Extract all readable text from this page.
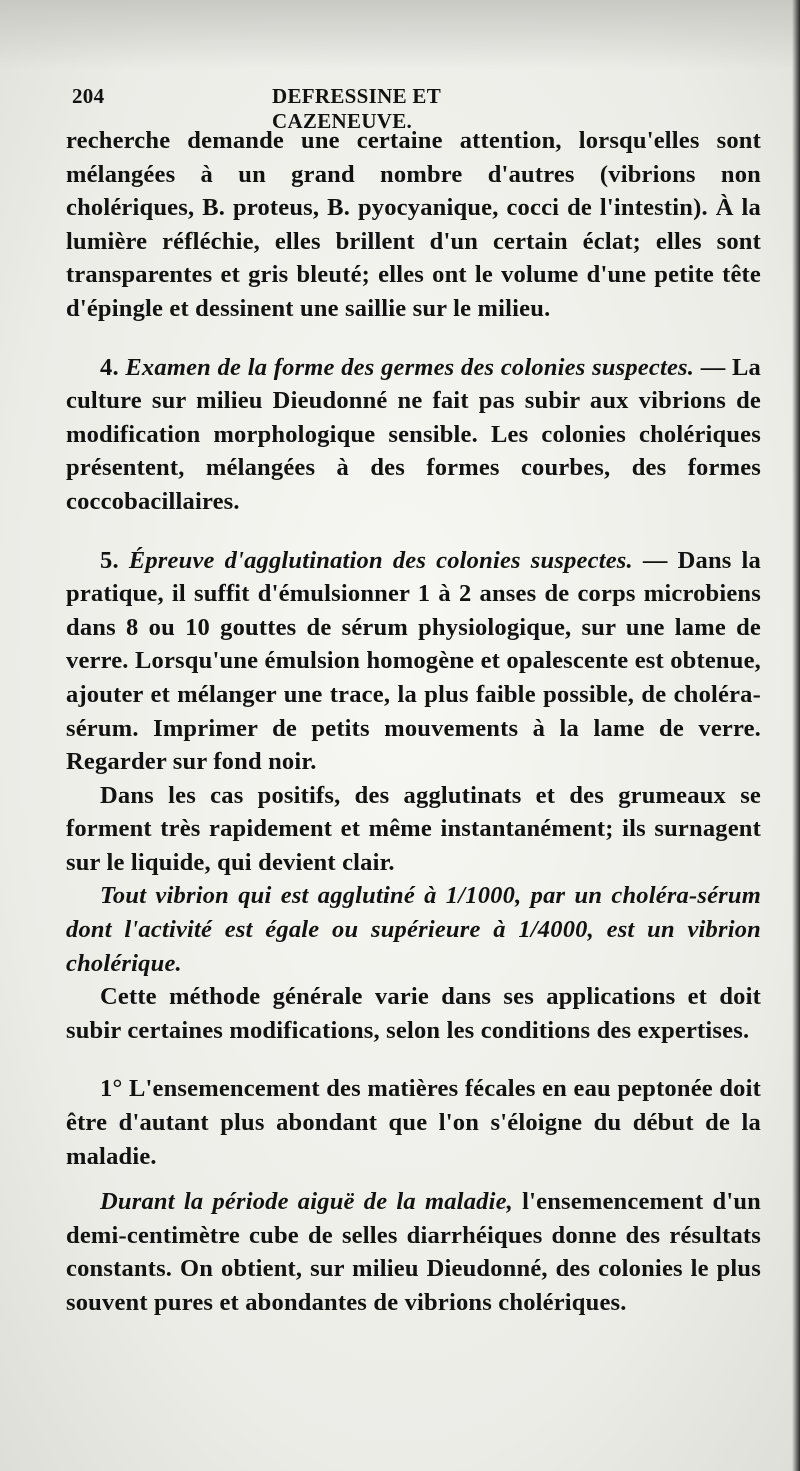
204	DEFRESSINE ET CAZENEUVE.

recherche demande une certaine attention, lorsqu'elles sont mélangées à un grand nombre d'autres (vibrions non cholériques, B. proteus, B. pyocyanique, cocci de l'intestin). À la lumière réfléchie, elles brillent d'un certain éclat; elles sont transparentes et gris bleuté; elles ont le volume d'une petite tête d'épingle et dessinent une saillie sur le milieu.

4. Examen de la forme des germes des colonies suspectes. — La culture sur milieu Dieudonné ne fait pas subir aux vibrions de modification morphologique sensible. Les colonies cholériques présentent, mélangées à des formes courbes, des formes coccobacillaires.

5. Épreuve d'agglutination des colonies suspectes. — Dans la pratique, il suffit d'émulsionner 1 à 2 anses de corps microbiens dans 8 ou 10 gouttes de sérum physiologique, sur une lame de verre. Lorsqu'une émulsion homogène et opalescente est obtenue, ajouter et mélanger une trace, la plus faible possible, de choléra-sérum. Imprimer de petits mouvements à la lame de verre. Regarder sur fond noir.

Dans les cas positifs, des agglutinats et des grumeaux se forment très rapidement et même instantanément; ils surnagent sur le liquide, qui devient clair.

Tout vibrion qui est agglutiné à 1/1000, par un choléra-sérum dont l'activité est égale ou supérieure à 1/4000, est un vibrion cholérique.

Cette méthode générale varie dans ses applications et doit subir certaines modifications, selon les conditions des expertises.

1° L'ensemencement des matières fécales en eau peptonée doit être d'autant plus abondant que l'on s'éloigne du début de la maladie.

Durant la période aiguë de la maladie, l'ensemencement d'un demi-centimètre cube de selles diarrhéiques donne des résultats constants. On obtient, sur milieu Dieudonné, des colonies le plus souvent pures et abondantes de vibrions cholériques.
